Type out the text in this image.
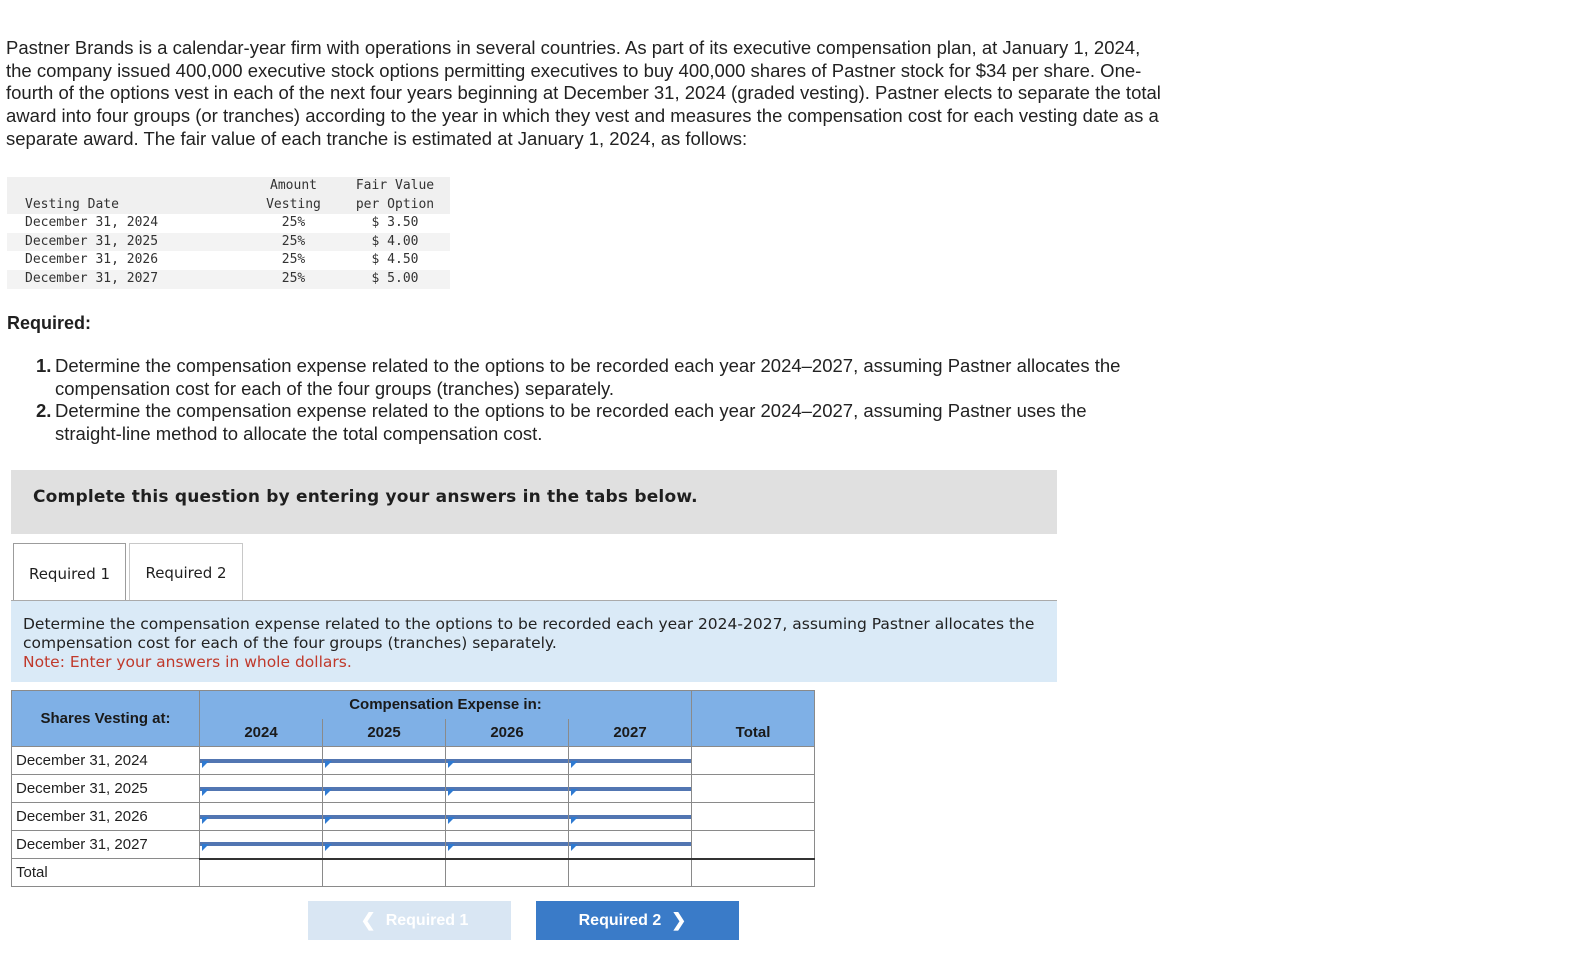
Pastner Brands is a calendar-year firm with operations in several countries. As part of its executive compensation plan, at January 1, 2024, the company issued 400,000 executive stock options permitting executives to buy 400,000 shares of Pastner stock for $34 per share. One-fourth of the options vest in each of the next four years beginning at December 31, 2024 (graded vesting). Pastner elects to separate the total award into four groups (or tranches) according to the year in which they vest and measures the compensation cost for each vesting date as a separate award. The fair value of each tranche is estimated at January 1, 2024, as follows:
	Amount	Fair Value
Vesting Date	Vesting	per Option
December 31, 2024	25%	$ 3.50
December 31, 2025	25%	$ 4.00
December 31, 2026	25%	$ 4.50
December 31, 2027	25%	$ 5.00
Required:
1. Determine the compensation expense related to the options to be recorded each year 2024–2027, assuming Pastner allocates the compensation cost for each of the four groups (tranches) separately.
2. Determine the compensation expense related to the options to be recorded each year 2024–2027, assuming Pastner uses the straight-line method to allocate the total compensation cost.
Complete this question by entering your answers in the tabs below.
Required 1	Required 2
Determine the compensation expense related to the options to be recorded each year 2024-2027, assuming Pastner allocates the compensation cost for each of the four groups (tranches) separately.
Note: Enter your answers in whole dollars.
Shares Vesting at:	Compensation Expense in:				
	2024	2025	2026	2027	Total
December 31, 2024	

December 31, 2025	

December 31, 2026	

December 31, 2027	

Total					
❮ Required 1	Required 2 ❯
